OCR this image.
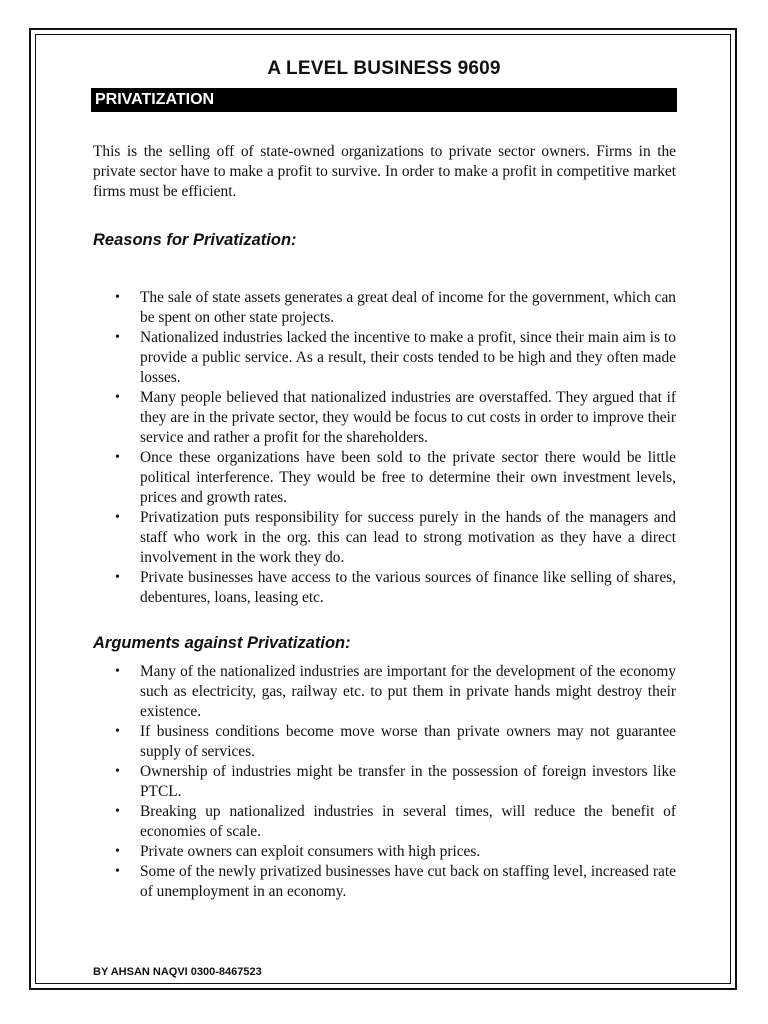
A LEVEL BUSINESS 9609
PRIVATIZATION
This is the selling off of state-owned organizations to private sector owners. Firms in the private sector have to make a profit to survive. In order to make a profit in competitive market firms must be efficient.
Reasons for Privatization:
• The sale of state assets generates a great deal of income for the government, which can be spent on other state projects.
• Nationalized industries lacked the incentive to make a profit, since their main aim is to provide a public service. As a result, their costs tended to be high and they often made losses.
• Many people believed that nationalized industries are overstaffed. They argued that if they are in the private sector, they would be focus to cut costs in order to improve their service and rather a profit for the shareholders.
• Once these organizations have been sold to the private sector there would be little political interference. They would be free to determine their own investment levels, prices and growth rates.
• Privatization puts responsibility for success purely in the hands of the managers and staff who work in the org. this can lead to strong motivation as they have a direct involvement in the work they do.
• Private businesses have access to the various sources of finance like selling of shares, debentures, loans, leasing etc.
Arguments against Privatization:
• Many of the nationalized industries are important for the development of the economy such as electricity, gas, railway etc. to put them in private hands might destroy their existence.
• If business conditions become move worse than private owners may not guarantee supply of services.
• Ownership of industries might be transfer in the possession of foreign investors like PTCL.
• Breaking up nationalized industries in several times, will reduce the benefit of economies of scale.
• Private owners can exploit consumers with high prices.
• Some of the newly privatized businesses have cut back on staffing level, increased rate of unemployment in an economy.
BY AHSAN NAQVI 0300-8467523
